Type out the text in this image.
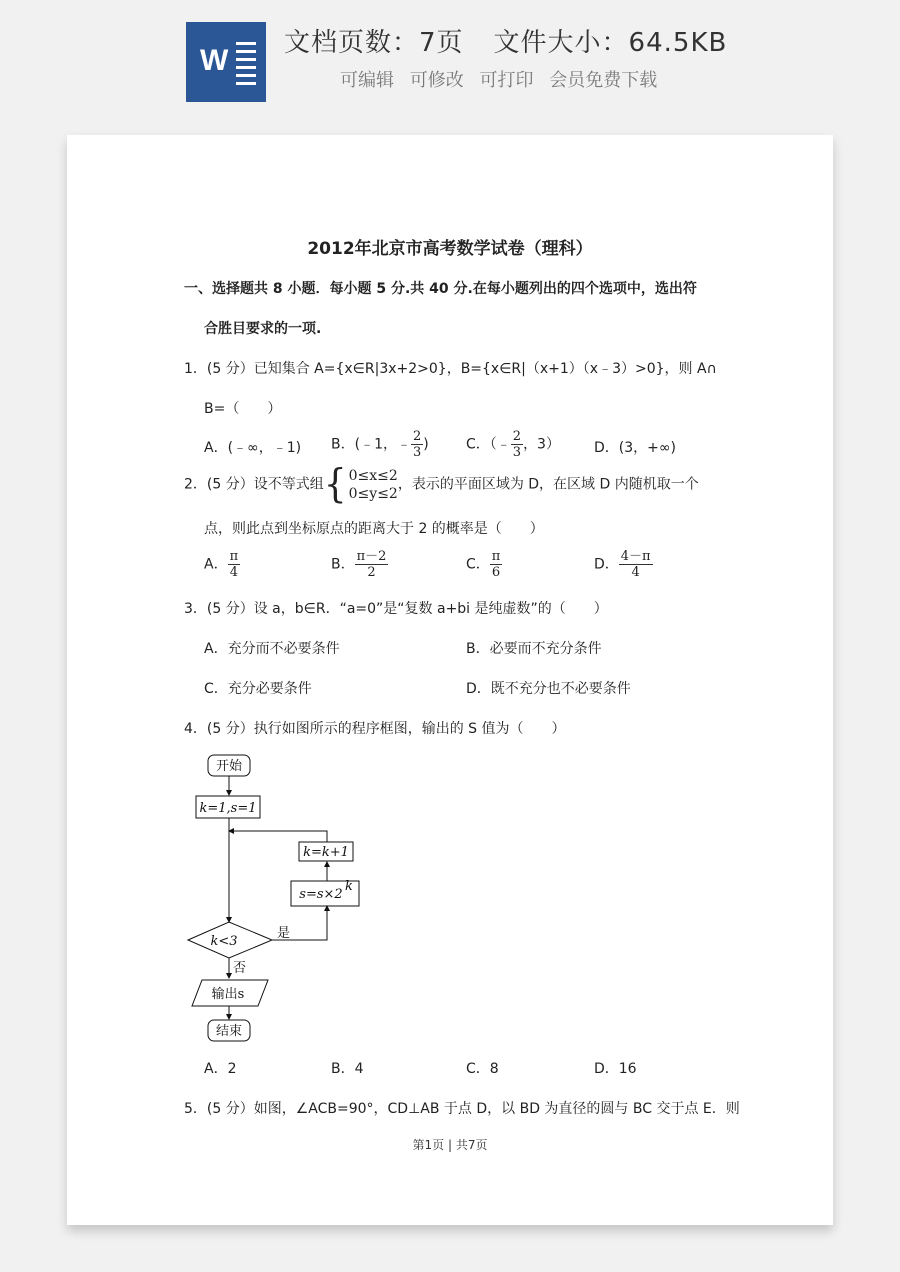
W
文档页数：7页 文件大小：64.5KB
可编辑 可修改 可打印 会员免费下载
2012年北京市高考数学试卷（理科）
一、选择题共 8 小题．每小题 5 分.共 40 分.在每小题列出的四个选项中，选出符
合胜目要求的一项.
1．(5 分）已知集合 A={x∈R|3x+2>0}，B={x∈R|（x+1）（x﹣3）>0}，则 A∩
B=（　　）
A．(﹣∞，﹣1) B．(﹣1，﹣ $\frac{2}{3}$ )	C．（﹣ $\frac{2}{3}$ ，3） D．(3，+∞)
2．(5 分）设不等式组{ 0≤x≤2
0≤y≤2
，表示的平面区域为 D，在区域 D 内随机取一个
点，则此点到坐标原点的距离大于 2 的概率是（　　）
A． $\frac{\pi}{4}$	B． $\frac{\pi-2}{2}$	C． $\frac{\pi}{6}$	D． $\frac{4-\pi}{4}$
3．(5 分）设 a，b∈R．“a=0”是“复数 a+bi 是纯虚数”的（　　）
A．充分而不必要条件	B．必要而不充分条件
C．充分必要条件	D．既不充分也不必要条件
4．(5 分）执行如图所示的程序框图，输出的 S 值为（　　）
开始
k=1,s=1
k=k+1
s=s×2
k
k<3
是
否
输出s
结束
A．2	B．4	C．8	D．16
5．(5 分）如图，∠ACB=90°，CD⊥AB 于点 D，以 BD 为直径的圆与 BC 交于点 E．则
第1页 | 共7页
